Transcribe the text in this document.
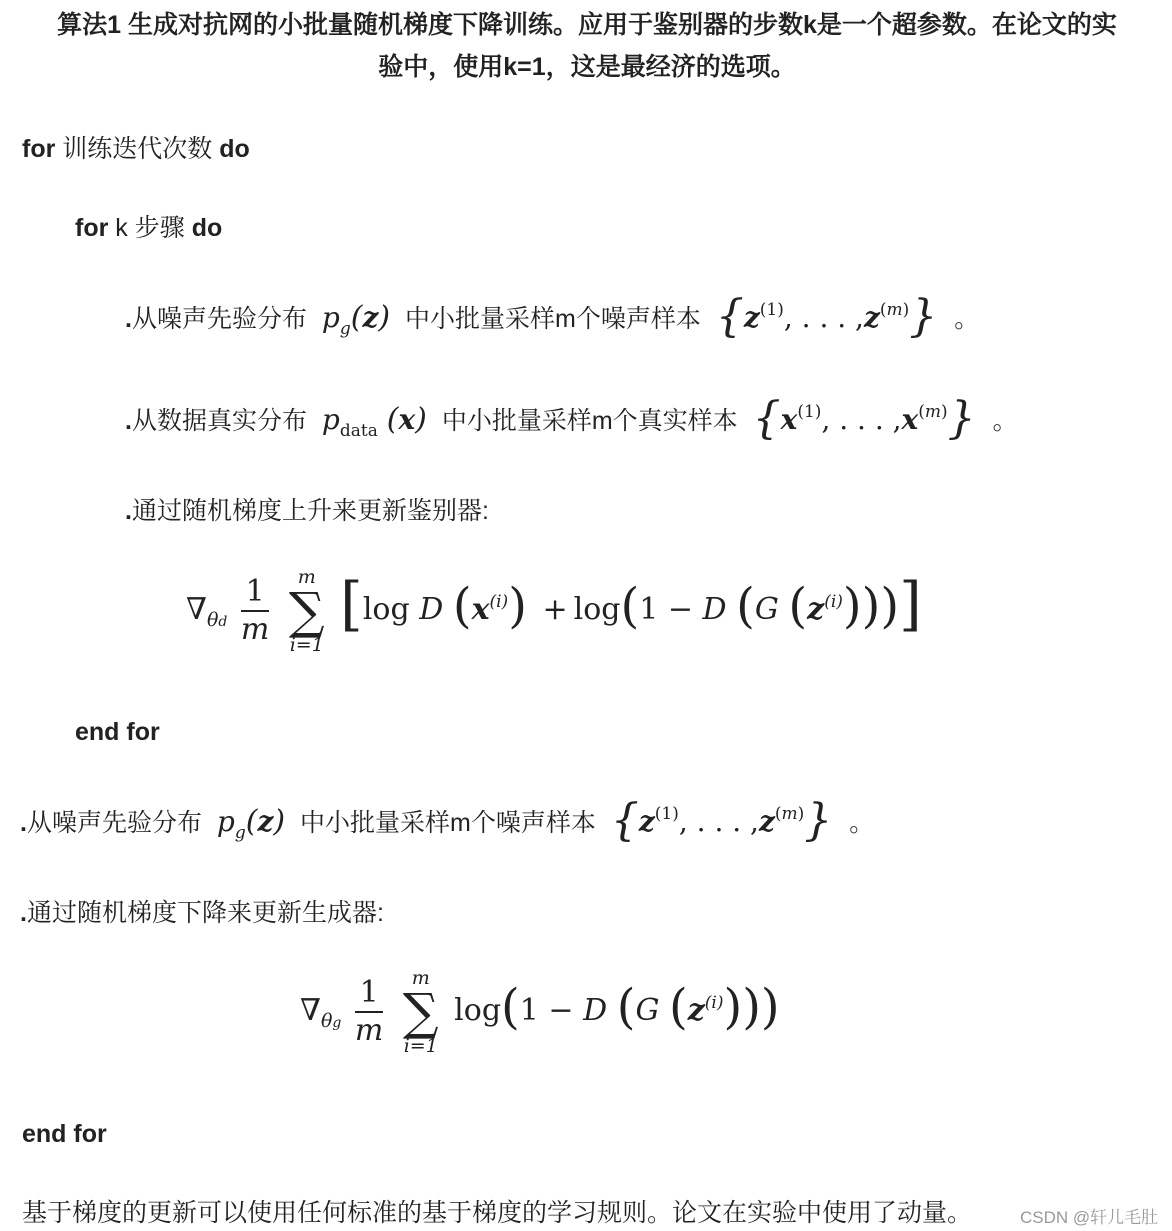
算法1 生成对抗网的小批量随机梯度下降训练。应用于鉴别器的步数k是一个超参数。在论文的实
验中，使用k=1，这是最经济的选项。
for 训练迭代次数 do
for k 步骤 do
.从噪声先验分布 $p_g(z)$ 中小批量采样m个噪声样本 {$z^{(1)}$, . . . $,z^{(m)}$} 。
.从数据真实分布 $p_{data}$ (x) 中小批量采样m个真实样本 {$x^{(1)}$, . . . $,x^{(m)}$} 。
.通过随机梯度上升来更新鉴别器:
$\nabla_{\theta d} \frac{1}{m}$
	m
∑
i=1
[log D $(x^{(i)}) + \log(1 - D$ (G $(z^{(i)})$))]
end for
.从噪声先验分布 $p_g(z)$ 中小批量采样m个噪声样本 {$z^{(1)}$, . . . $,z^{(m)}$} 。
.通过随机梯度下降来更新生成器:
$\nabla_{\theta g} \frac{1}{m}$
	m
∑
i=1
log(1 − D (G $(z^{(i)})$))
end for
基于梯度的更新可以使用任何标准的基于梯度的学习规则。论文在实验中使用了动量。	CSDN @轩儿毛肚
